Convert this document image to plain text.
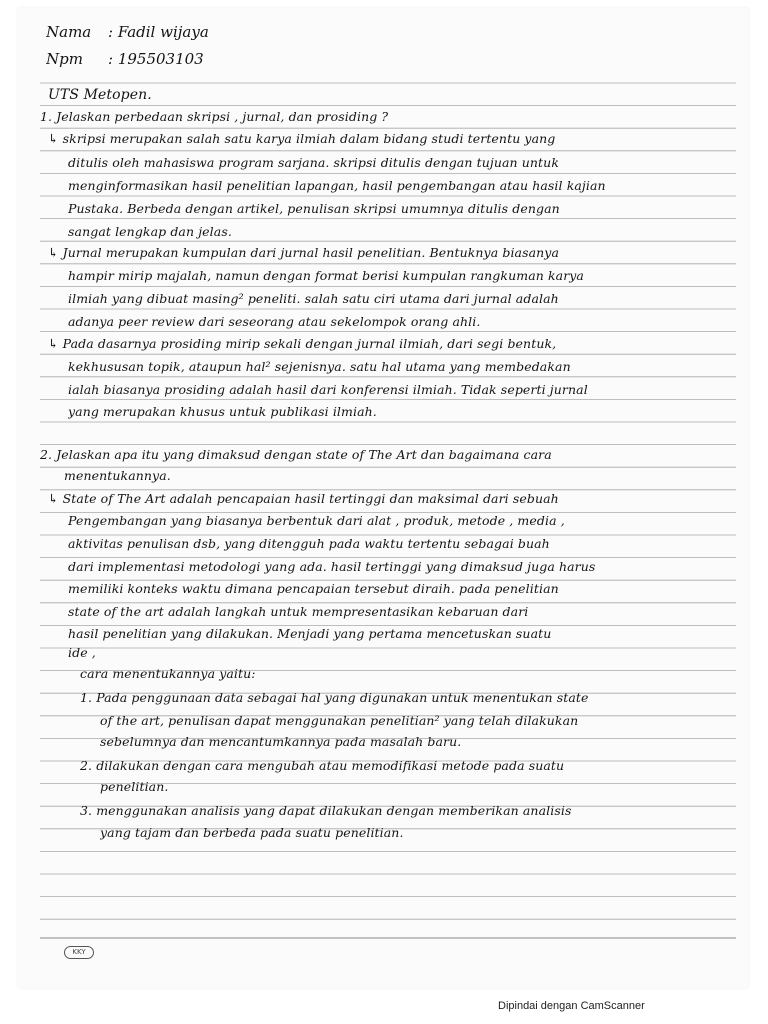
Nama : Fadil wijaya
Npm : 195503103
UTS Metopen.
1. Jelaskan perbedaan skripsi , jurnal, dan prosiding ?
↳ skripsi merupakan salah satu karya ilmiah dalam bidang studi tertentu yang
ditulis oleh mahasiswa program sarjana. skripsi ditulis dengan tujuan untuk
menginformasikan hasil penelitian lapangan, hasil pengembangan atau hasil kajian
Pustaka. Berbeda dengan artikel, penulisan skripsi umumnya ditulis dengan
sangat lengkap dan jelas.
↳ Jurnal merupakan kumpulan dari jurnal hasil penelitian. Bentuknya biasanya
hampir mirip majalah, namun dengan format berisi kumpulan rangkuman karya
ilmiah yang dibuat masing² peneliti. salah satu ciri utama dari jurnal adalah
adanya peer review dari seseorang atau sekelompok orang ahli.
↳ Pada dasarnya prosiding mirip sekali dengan jurnal ilmiah, dari segi bentuk,
kekhususan topik, ataupun hal² sejenisnya. satu hal utama yang membedakan
ialah biasanya prosiding adalah hasil dari konferensi ilmiah. Tidak seperti jurnal
yang merupakan khusus untuk publikasi ilmiah.
2. Jelaskan apa itu yang dimaksud dengan state of The Art dan bagaimana cara
menentukannya.
↳ State of The Art adalah pencapaian hasil tertinggi dan maksimal dari sebuah
Pengembangan yang biasanya berbentuk dari alat , produk, metode , media ,
aktivitas penulisan dsb, yang ditengguh pada waktu tertentu sebagai buah
dari implementasi metodologi yang ada. hasil tertinggi yang dimaksud juga harus
memiliki konteks waktu dimana pencapaian tersebut diraih. pada penelitian
state of the art adalah langkah untuk mempresentasikan kebaruan dari
hasil penelitian yang dilakukan. Menjadi yang pertama mencetuskan suatu
ide ,
cara menentukannya yaitu:
1. Pada penggunaan data sebagai hal yang digunakan untuk menentukan state
of the art, penulisan dapat menggunakan penelitian² yang telah dilakukan
sebelumnya dan mencantumkannya pada masalah baru.
2. dilakukan dengan cara mengubah atau memodifikasi metode pada suatu
penelitian.
3. menggunakan analisis yang dapat dilakukan dengan memberikan analisis
yang tajam dan berbeda pada suatu penelitian.
KKY
Dipindai dengan CamScanner
